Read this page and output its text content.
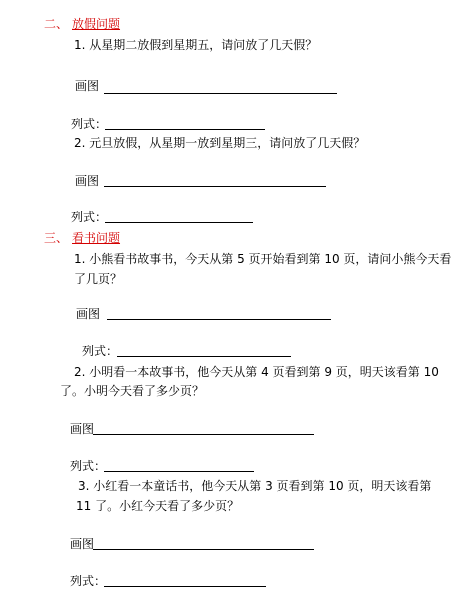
二、 放假问题
1. 从星期二放假到星期五，请问放了几天假？
画图
列式：
2. 元旦放假，从星期一放到星期三，请问放了几天假？
画图
列式：
三、 看书问题
1. 小熊看书故事书，今天从第 5 页开始看到第 10 页，请问小熊今天看
了几页？
画图
列式：
2. 小明看一本故事书，他今天从第 4 页看到第 9 页，明天该看第 10
了。小明今天看了多少页？
画图
列式：
3. 小红看一本童话书，他今天从第 3 页看到第 10 页，明天该看第
11 了。小红今天看了多少页？
画图
列式：
